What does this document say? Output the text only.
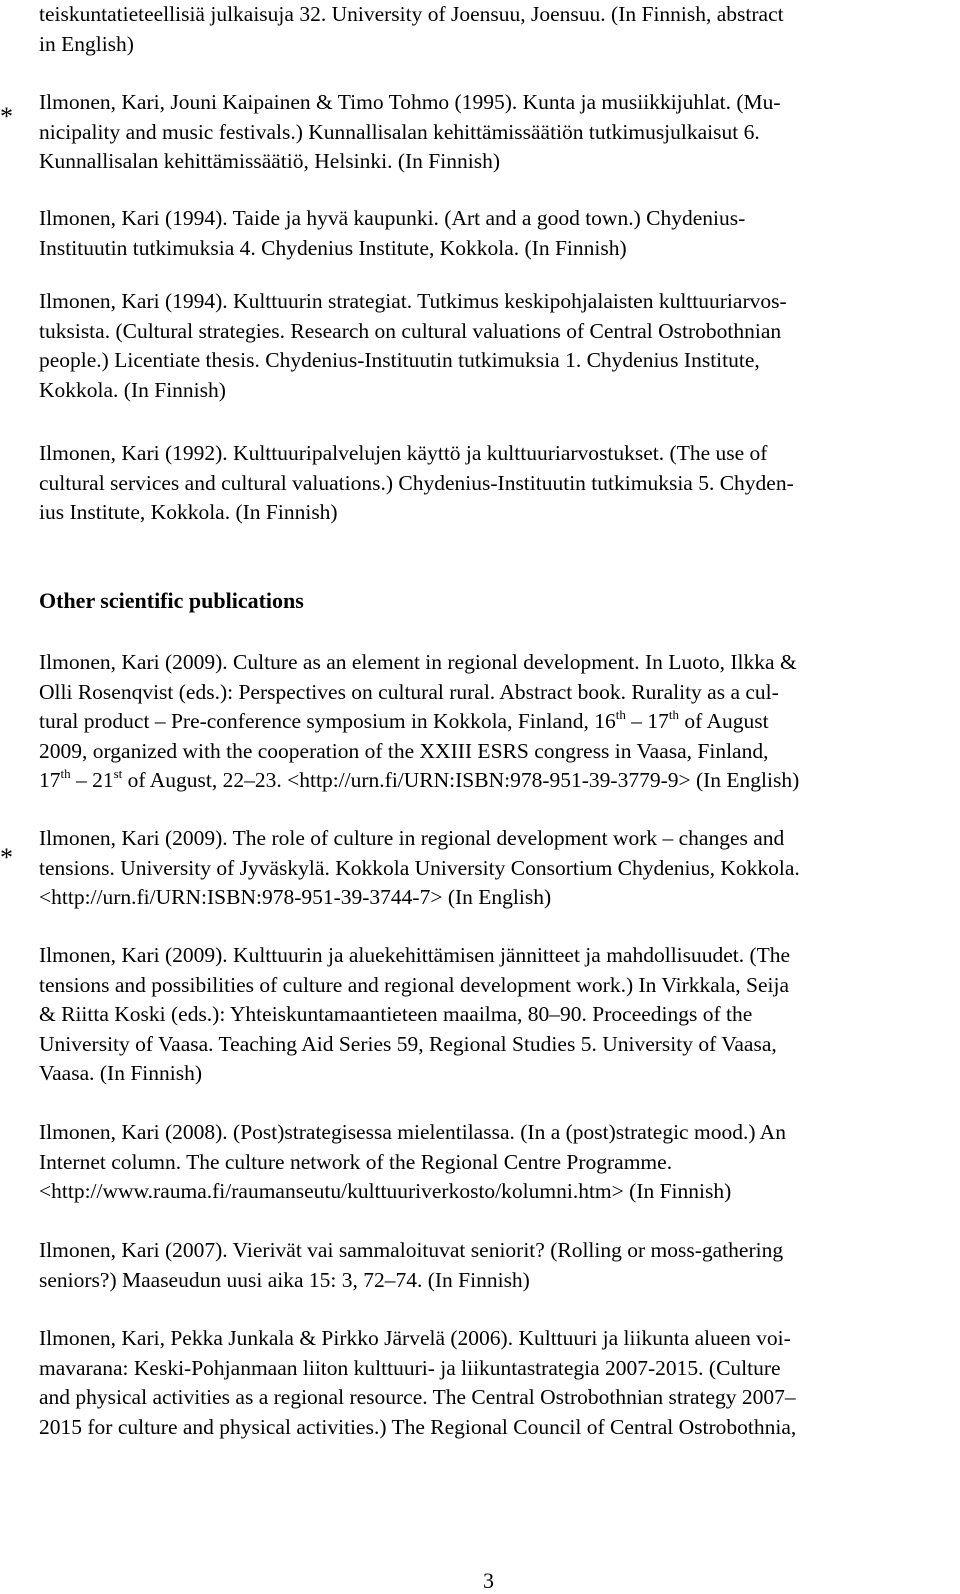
teiskuntatieteellisiä julkaisuja 32. University of Joensuu, Joensuu. (In Finnish, abstract
in English)
* Ilmonen, Kari, Jouni Kaipainen & Timo Tohmo (1995). Kunta ja musiikkijuhlat. (Mu-
nicipality and music festivals.) Kunnallisalan kehittämissäätiön tutkimusjulkaisut 6.
Kunnallisalan kehittämissäätiö, Helsinki. (In Finnish)
Ilmonen, Kari (1994). Taide ja hyvä kaupunki. (Art and a good town.) Chydenius-
Instituutin tutkimuksia 4. Chydenius Institute, Kokkola. (In Finnish)
Ilmonen, Kari (1994). Kulttuurin strategiat. Tutkimus keskipohjalaisten kulttuuriarvos-
tuksista. (Cultural strategies. Research on cultural valuations of Central Ostrobothnian
people.) Licentiate thesis. Chydenius-Instituutin tutkimuksia 1. Chydenius Institute,
Kokkola. (In Finnish)
Ilmonen, Kari (1992). Kulttuuripalvelujen käyttö ja kulttuuriarvostukset. (The use of
cultural services and cultural valuations.) Chydenius-Instituutin tutkimuksia 5. Chyden-
ius Institute, Kokkola. (In Finnish)
Other scientific publications
Ilmonen, Kari (2009). Culture as an element in regional development. In Luoto, Ilkka &
Olli Rosenqvist (eds.): Perspectives on cultural rural. Abstract book. Rurality as a cul-
tural product – Pre-conference symposium in Kokkola, Finland, 16th – 17th of August
2009, organized with the cooperation of the XXIII ESRS congress in Vaasa, Finland,
17th – 21st of August, 22–23. <http://urn.fi/URN:ISBN:978-951-39-3779-9> (In English)
*
Ilmonen, Kari (2009). The role of culture in regional development work – changes and
tensions. University of Jyväskylä. Kokkola University Consortium Chydenius, Kokkola.
<http://urn.fi/URN:ISBN:978-951-39-3744-7> (In English)
Ilmonen, Kari (2009). Kulttuurin ja aluekehittämisen jännitteet ja mahdollisuudet. (The
tensions and possibilities of culture and regional development work.) In Virkkala, Seija
& Riitta Koski (eds.): Yhteiskuntamaantieteen maailma, 80–90. Proceedings of the
University of Vaasa. Teaching Aid Series 59, Regional Studies 5. University of Vaasa,
Vaasa. (In Finnish)
Ilmonen, Kari (2008). (Post)strategisessa mielentilassa. (In a (post)strategic mood.) An
Internet column. The culture network of the Regional Centre Programme.
<http://www.rauma.fi/raumanseutu/kulttuuriverkosto/kolumni.htm> (In Finnish)
Ilmonen, Kari (2007). Vierivät vai sammaloituvat seniorit? (Rolling or moss-gathering
seniors?) Maaseudun uusi aika 15: 3, 72–74. (In Finnish)
Ilmonen, Kari, Pekka Junkala & Pirkko Järvelä (2006). Kulttuuri ja liikunta alueen voi-
mavarana: Keski-Pohjanmaan liiton kulttuuri- ja liikuntastrategia 2007-2015. (Culture
and physical activities as a regional resource. The Central Ostrobothnian strategy 2007–
2015 for culture and physical activities.) The Regional Council of Central Ostrobothnia,
3
